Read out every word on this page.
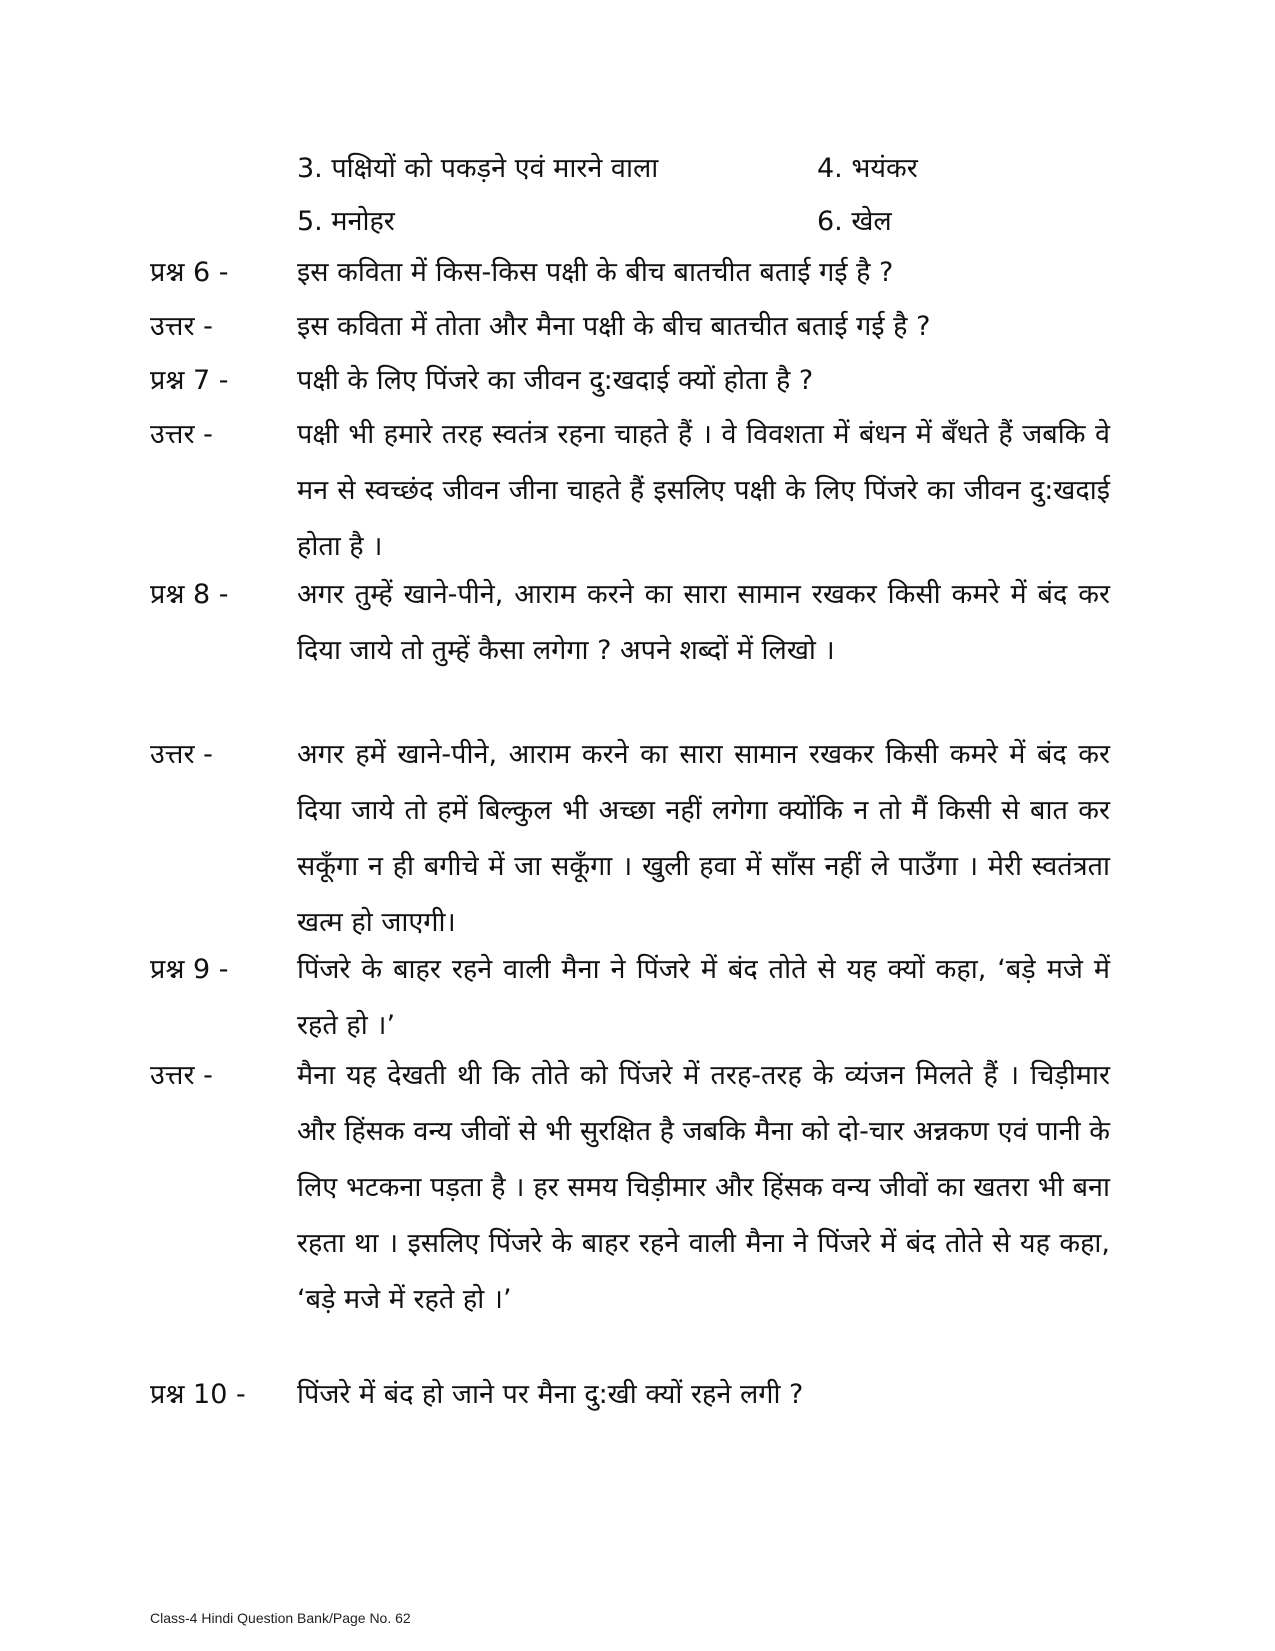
3. पक्षियों को पकड़ने एवं मारने वाला	4. भयंकर
5. मनोहर	6. खेल
प्रश्न 6 -	इस कविता में किस-किस पक्षी के बीच बातचीत बताई गई है ?
उत्तर -	इस कविता में तोता और मैना पक्षी के बीच बातचीत बताई गई है ?
प्रश्न 7 -	पक्षी के लिए पिंजरे का जीवन दु:खदाई क्यों होता है ?
उत्तर -	पक्षी भी हमारे तरह स्वतंत्र रहना चाहते हैं । वे विवशता में बंधन में बँधते हैं जबकि वे मन से स्वच्छंद जीवन जीना चाहते हैं इसलिए पक्षी के लिए पिंजरे का जीवन दु:खदाई होता है ।
प्रश्न 8 -	अगर तुम्हें खाने-पीने, आराम करने का सारा सामान रखकर किसी कमरे में बंद कर दिया जाये तो तुम्हें कैसा लगेगा ? अपने शब्दों में लिखो ।
उत्तर -	अगर हमें खाने-पीने, आराम करने का सारा सामान रखकर किसी कमरे में बंद कर दिया जाये तो हमें बिल्कुल भी अच्छा नहीं लगेगा क्योंकि न तो मैं किसी से बात कर सकूँगा न ही बगीचे में जा सकूँगा । खुली हवा में साँस नहीं ले पाउँगा । मेरी स्वतंत्रता खत्म हो जाएगी।
प्रश्न 9 -	पिंजरे के बाहर रहने वाली मैना ने पिंजरे में बंद तोते से यह क्यों कहा, ‘बड़े मजे में रहते हो ।’
उत्तर -	मैना यह देखती थी कि तोते को पिंजरे में तरह-तरह के व्यंजन मिलते हैं । चिड़ीमार और हिंसक वन्य जीवों से भी सुरक्षित है जबकि मैना को दो-चार अन्नकण एवं पानी के लिए भटकना पड़ता है । हर समय चिड़ीमार और हिंसक वन्य जीवों का खतरा भी बना रहता था । इसलिए पिंजरे के बाहर रहने वाली मैना ने पिंजरे में बंद तोते से यह कहा, ‘बड़े मजे में रहते हो ।’
प्रश्न 10 -	पिंजरे में बंद हो जाने पर मैना दु:खी क्यों रहने लगी ?
Class-4 Hindi Question Bank/Page No. 62
